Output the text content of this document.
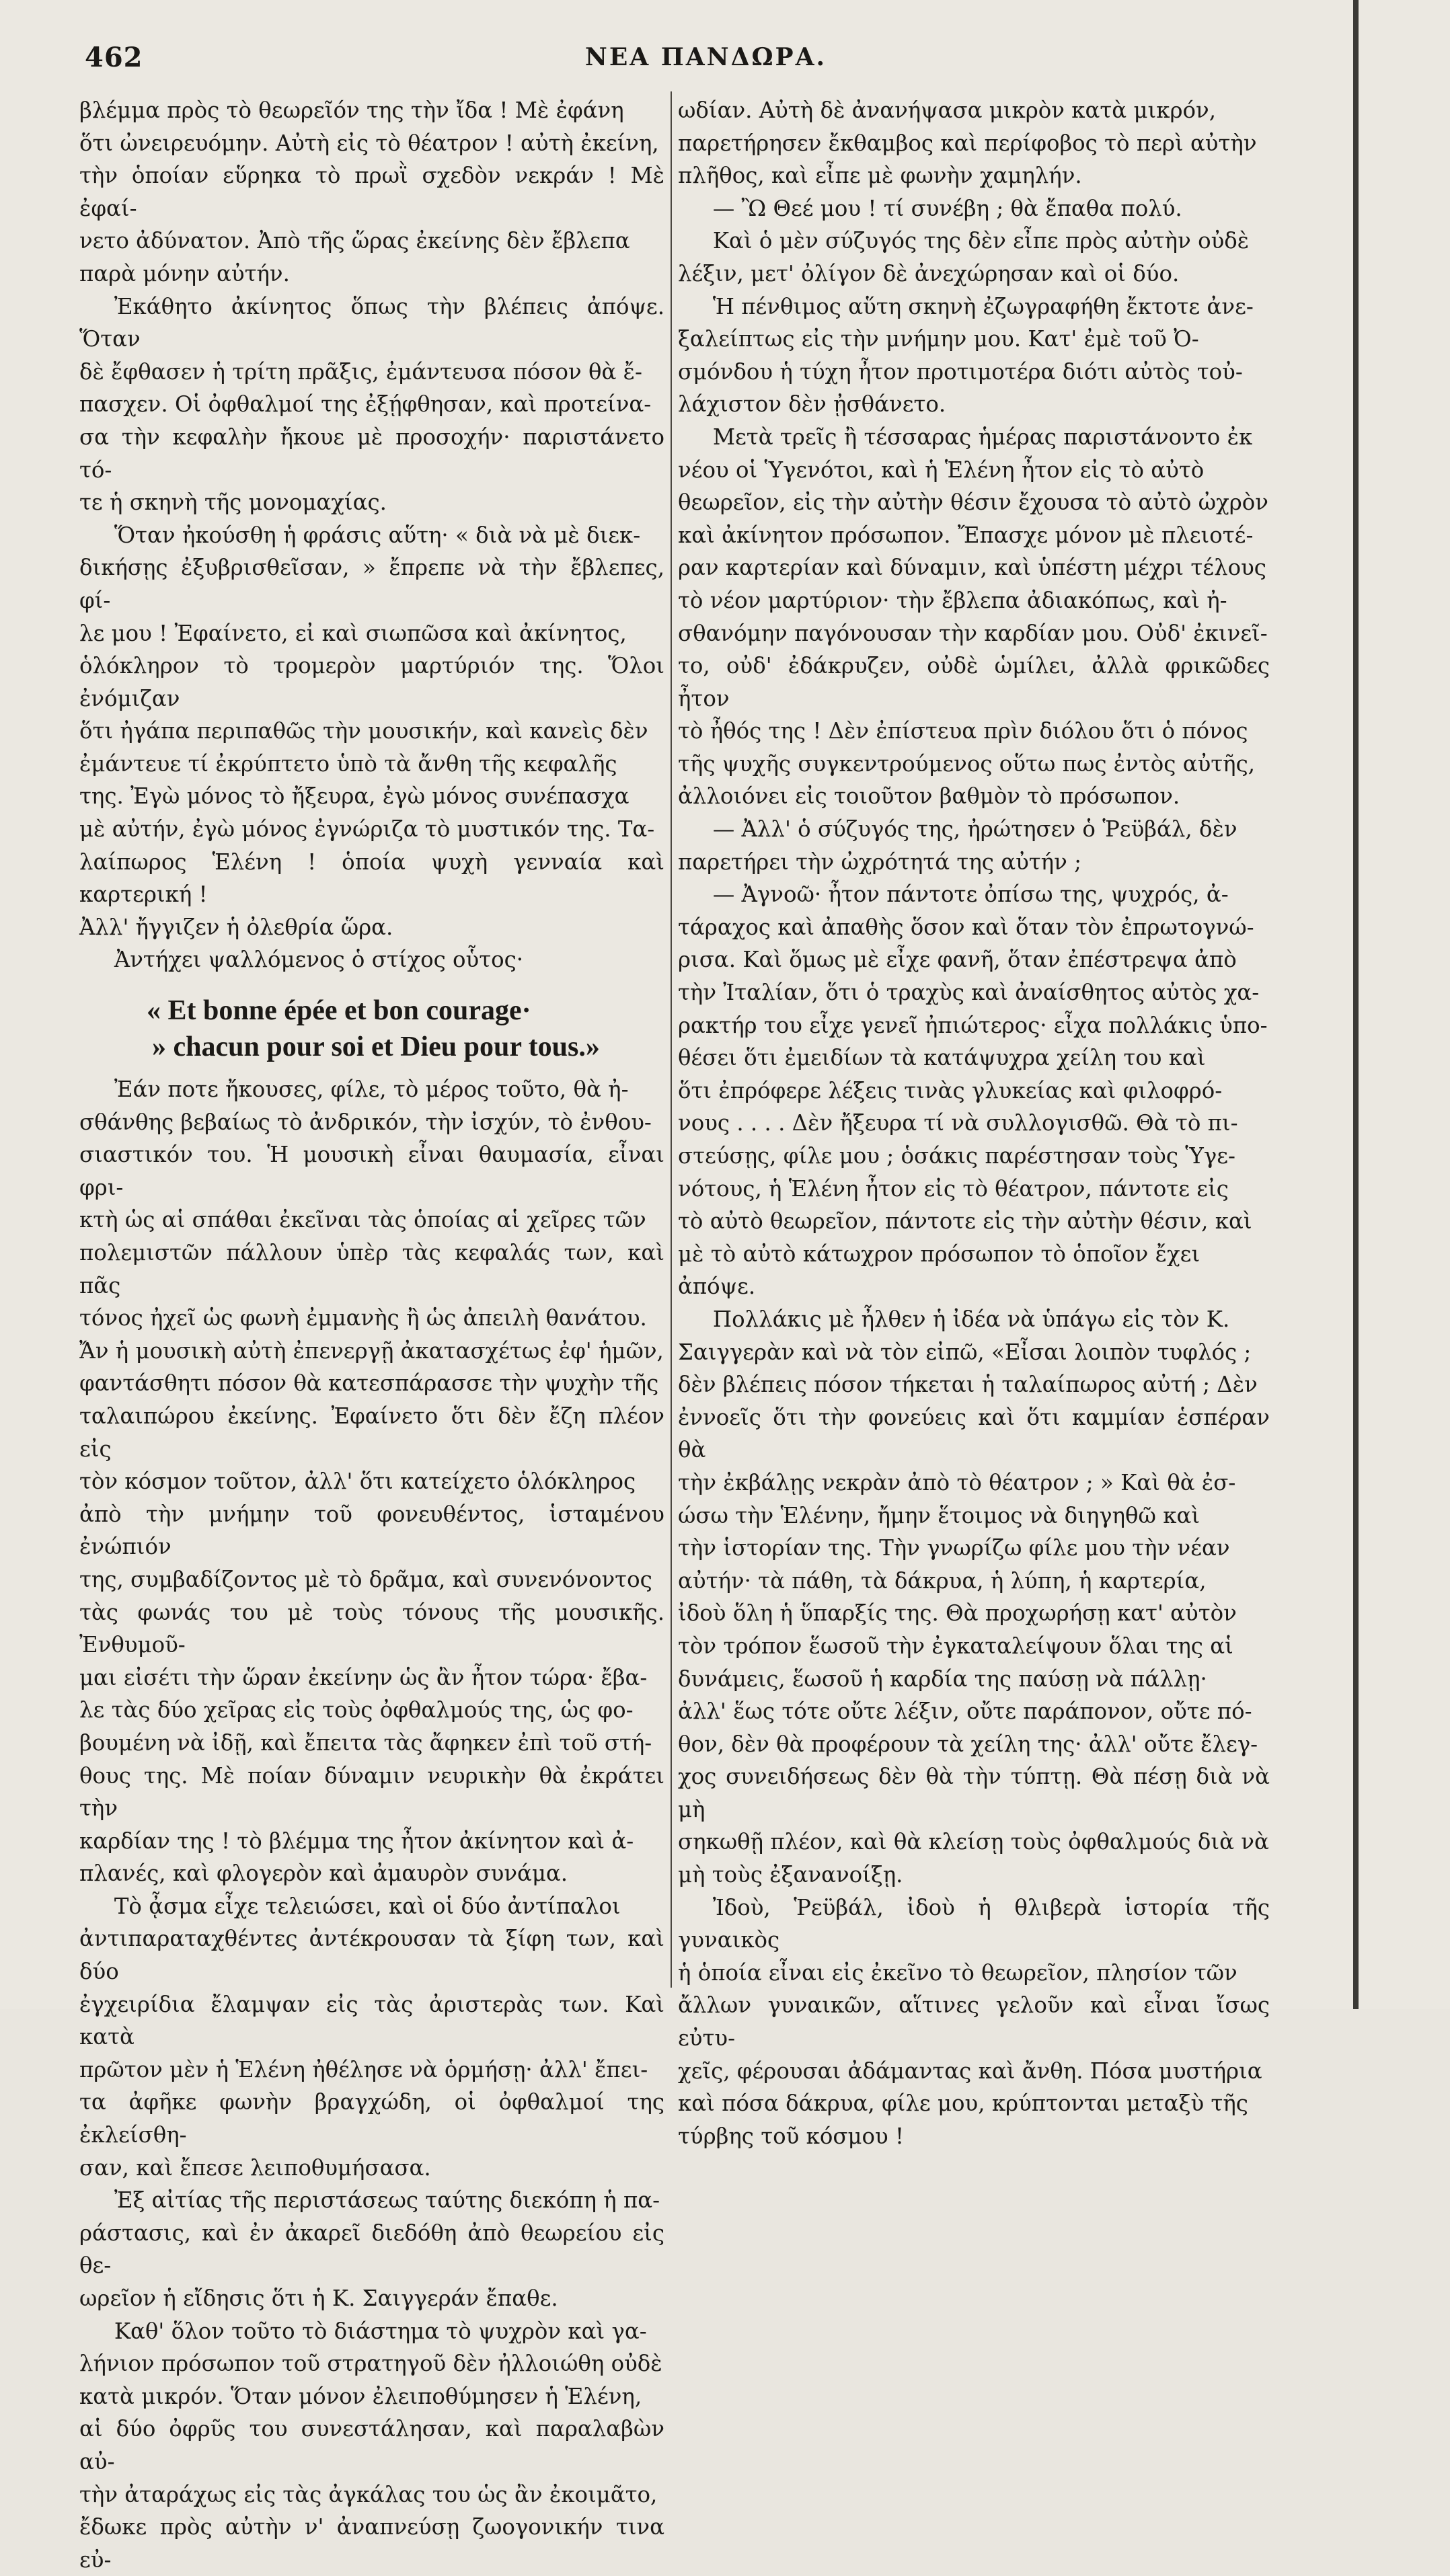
462	ΝΕΑ ΠΑΝΔΩΡΑ.

βλέμμα πρὸς τὸ θεωρεῖόν της τὴν ἴδα ! Μὲ ἐφάνη
ὅτι ὠνειρευόμην. Αὐτὴ εἰς τὸ θέατρον ! αὐτὴ ἐκείνη,
τὴν ὁποίαν εὕρηκα τὸ πρωῒ σχεδὸν νεκράν ! Μὲ ἐφαί-
νετο ἀδύνατον. Ἀπὸ τῆς ὥρας ἐκείνης δὲν ἔβλεπα
παρὰ μόνην αὐτήν.

Ἐκάθητο ἀκίνητος ὅπως τὴν βλέπεις ἀπόψε. Ὅταν
δὲ ἔφθασεν ἡ τρίτη πρᾶξις, ἐμάντευσα πόσον θὰ ἔ-
πασχεν. Οἱ ὀφθαλμοί της ἐξῄφθησαν, καὶ προτείνα-
σα τὴν κεφαλὴν ἤκουε μὲ προσοχήν· παριστάνετο τό-
τε ἡ σκηνὴ τῆς μονομαχίας.

Ὅταν ἠκούσθη ἡ φράσις αὕτη· « διὰ νὰ μὲ διεκ-
δικήσῃς ἐξυβρισθεῖσαν, » ἔπρεπε νὰ τὴν ἔβλεπες, φί-
λε μου ! Ἐφαίνετο, εἰ καὶ σιωπῶσα καὶ ἀκίνητος,
ὁλόκληρον τὸ τρομερὸν μαρτύριόν της. Ὅλοι ἐνόμιζαν
ὅτι ἠγάπα περιπαθῶς τὴν μουσικήν, καὶ κανεὶς δὲν
ἐμάντευε τί ἐκρύπτετο ὑπὸ τὰ ἄνθη τῆς κεφαλῆς
της. Ἐγὼ μόνος τὸ ἤξευρα, ἐγὼ μόνος συνέπασχα
μὲ αὐτήν, ἐγὼ μόνος ἐγνώριζα τὸ μυστικόν της. Τα-
λαίπωρος Ἑλένη ! ὁποία ψυχὴ γενναία καὶ καρτερική !
Ἀλλ' ἤγγιζεν ἡ ὀλεθρία ὥρα.

Ἀντήχει ψαλλόμενος ὁ στίχος οὗτος·

« Et bonne épée et bon courage·
» chacun pour soi et Dieu pour tous.»

Ἐάν ποτε ἤκουσες, φίλε, τὸ μέρος τοῦτο, θὰ ἠ-
σθάνθης βεβαίως τὸ ἀνδρικόν, τὴν ἰσχύν, τὸ ἐνθου-
σιαστικόν του. Ἡ μουσικὴ εἶναι θαυμασία, εἶναι φρι-
κτὴ ὡς αἱ σπάθαι ἐκεῖναι τὰς ὁποίας αἱ χεῖρες τῶν
πολεμιστῶν πάλλουν ὑπὲρ τὰς κεφαλάς των, καὶ πᾶς
τόνος ἠχεῖ ὡς φωνὴ ἐμμανὴς ἢ ὡς ἀπειλὴ θανάτου.
Ἄν ἡ μουσικὴ αὐτὴ ἐπενεργῇ ἀκατασχέτως ἐφ' ἡμῶν,
φαντάσθητι πόσον θὰ κατεσπάρασσε τὴν ψυχὴν τῆς
ταλαιπώρου ἐκείνης. Ἐφαίνετο ὅτι δὲν ἔζη πλέον εἰς
τὸν κόσμον τοῦτον, ἀλλ' ὅτι κατείχετο ὁλόκληρος
ἀπὸ τὴν μνήμην τοῦ φονευθέντος, ἱσταμένου ἐνώπιόν
της, συμβαδίζοντος μὲ τὸ δρᾶμα, καὶ συνενόνοντος
τὰς φωνάς του μὲ τοὺς τόνους τῆς μουσικῆς. Ἐνθυμοῦ-
μαι εἰσέτι τὴν ὥραν ἐκείνην ὡς ἂν ἦτον τώρα· ἔβα-
λε τὰς δύο χεῖρας εἰς τοὺς ὀφθαλμούς της, ὡς φο-
βουμένη νὰ ἰδῇ, καὶ ἔπειτα τὰς ἄφηκεν ἐπὶ τοῦ στή-
θους της. Μὲ ποίαν δύναμιν νευρικὴν θὰ ἐκράτει τὴν
καρδίαν της ! τὸ βλέμμα της ἦτον ἀκίνητον καὶ ἀ-
πλανές, καὶ φλογερὸν καὶ ἀμαυρὸν συνάμα.

Τὸ ᾆσμα εἶχε τελειώσει, καὶ οἱ δύο ἀντίπαλοι
ἀντιπαραταχθέντες ἀντέκρουσαν τὰ ξίφη των, καὶ δύο
ἐγχειρίδια ἔλαμψαν εἰς τὰς ἀριστερὰς των. Καὶ κατὰ
πρῶτον μὲν ἡ Ἑλένη ἠθέλησε νὰ ὁρμήσῃ· ἀλλ' ἔπει-
τα ἀφῆκε φωνὴν βραγχώδη, οἱ ὀφθαλμοί της ἐκλείσθη-
σαν, καὶ ἔπεσε λειποθυμήσασα.

Ἐξ αἰτίας τῆς περιστάσεως ταύτης διεκόπη ἡ πα-
ράστασις, καὶ ἐν ἀκαρεῖ διεδόθη ἀπὸ θεωρείου εἰς θε-
ωρεῖον ἡ εἴδησις ὅτι ἡ Κ. Σαιγγεράν ἔπαθε.

Καθ' ὅλον τοῦτο τὸ διάστημα τὸ ψυχρὸν καὶ γα-
λήνιον πρόσωπον τοῦ στρατηγοῦ δὲν ἠλλοιώθη οὐδὲ
κατὰ μικρόν. Ὅταν μόνον ἐλειποθύμησεν ἡ Ἑλένη,
αἱ δύο ὀφρῦς του συνεστάλησαν, καὶ παραλαβὼν αὐ-
τὴν ἀταράχως εἰς τὰς ἀγκάλας του ὡς ἂν ἐκοιμᾶτο,
ἔδωκε πρὸς αὐτὴν ν' ἀναπνεύσῃ ζωογονικήν τινα εὐ-

ωδίαν. Αὐτὴ δὲ ἀνανήψασα μικρὸν κατὰ μικρόν,
παρετήρησεν ἔκθαμβος καὶ περίφοβος τὸ περὶ αὐτὴν
πλῆθος, καὶ εἶπε μὲ φωνὴν χαμηλήν.

— Ὢ Θεέ μου ! τί συνέβη ; θὰ ἔπαθα πολύ.

Καὶ ὁ μὲν σύζυγός της δὲν εἶπε πρὸς αὐτὴν οὐδὲ
λέξιν, μετ' ὀλίγον δὲ ἀνεχώρησαν καὶ οἱ δύο.

Ἡ πένθιμος αὕτη σκηνὴ ἐζωγραφήθη ἔκτοτε ἀνε-
ξαλείπτως εἰς τὴν μνήμην μου. Κατ' ἐμὲ τοῦ Ὀ-
σμόνδου ἡ τύχη ἦτον προτιμοτέρα διότι αὐτὸς τοὐ-
λάχιστον δὲν ᾐσθάνετο.

Μετὰ τρεῖς ἢ τέσσαρας ἡμέρας παριστάνοντο ἐκ
νέου οἱ Ὑγενότοι, καὶ ἡ Ἑλένη ἦτον εἰς τὸ αὐτὸ
θεωρεῖον, εἰς τὴν αὐτὴν θέσιν ἔχουσα τὸ αὐτὸ ὠχρὸν
καὶ ἀκίνητον πρόσωπον. Ἔπασχε μόνον μὲ πλειοτέ-
ραν καρτερίαν καὶ δύναμιν, καὶ ὑπέστη μέχρι τέλους
τὸ νέον μαρτύριον· τὴν ἔβλεπα ἀδιακόπως, καὶ ἠ-
σθανόμην παγόνουσαν τὴν καρδίαν μου. Οὐδ' ἐκινεῖ-
το, οὐδ' ἐδάκρυζεν, οὐδὲ ὡμίλει, ἀλλὰ φρικῶδες ἦτον
τὸ ἦθός της ! Δὲν ἐπίστευα πρὶν διόλου ὅτι ὁ πόνος
τῆς ψυχῆς συγκεντρούμενος οὕτω πως ἐντὸς αὐτῆς,
ἀλλοιόνει εἰς τοιοῦτον βαθμὸν τὸ πρόσωπον.

— Ἀλλ' ὁ σύζυγός της, ἠρώτησεν ὁ Ῥεϋβάλ, δὲν
παρετήρει τὴν ὠχρότητά της αὐτήν ;

— Ἀγνοῶ· ἦτον πάντοτε ὀπίσω της, ψυχρός, ἀ-
τάραχος καὶ ἀπαθὴς ὅσον καὶ ὅταν τὸν ἐπρωτογνώ-
ρισα. Καὶ ὅμως μὲ εἶχε φανῆ, ὅταν ἐπέστρεψα ἀπὸ
τὴν Ἰταλίαν, ὅτι ὁ τραχὺς καὶ ἀναίσθητος αὐτὸς χα-
ρακτήρ του εἶχε γενεῖ ἠπιώτερος· εἶχα πολλάκις ὑπο-
θέσει ὅτι ἐμειδίων τὰ κατάψυχρα χείλη του καὶ
ὅτι ἐπρόφερε λέξεις τινὰς γλυκείας καὶ φιλοφρό-
νους . . . . Δὲν ἤξευρα τί νὰ συλλογισθῶ. Θὰ τὸ πι-
στεύσῃς, φίλε μου ; ὁσάκις παρέστησαν τοὺς Ὑγε-
νότους, ἡ Ἑλένη ἦτον εἰς τὸ θέατρον, πάντοτε εἰς
τὸ αὐτὸ θεωρεῖον, πάντοτε εἰς τὴν αὐτὴν θέσιν, καὶ
μὲ τὸ αὐτὸ κάτωχρον πρόσωπον τὸ ὁποῖον ἔχει
ἀπόψε.

Πολλάκις μὲ ἦλθεν ἡ ἰδέα νὰ ὑπάγω εἰς τὸν Κ.
Σαιγγερὰν καὶ νὰ τὸν εἰπῶ, «Εἶσαι λοιπὸν τυφλός ;
δὲν βλέπεις πόσον τήκεται ἡ ταλαίπωρος αὐτή ; Δὲν
ἐννοεῖς ὅτι τὴν φονεύεις καὶ ὅτι καμμίαν ἑσπέραν θὰ
τὴν ἐκβάλῃς νεκρὰν ἀπὸ τὸ θέατρον ; » Καὶ θὰ ἐσ-
ώσω τὴν Ἑλένην, ἤμην ἕτοιμος νὰ διηγηθῶ καὶ
τὴν ἱστορίαν της. Τὴν γνωρίζω φίλε μου τὴν νέαν
αὐτήν· τὰ πάθη, τὰ δάκρυα, ἡ λύπη, ἡ καρτερία,
ἰδοὺ ὅλη ἡ ὕπαρξίς της. Θὰ προχωρήσῃ κατ' αὐτὸν
τὸν τρόπον ἕωσοῦ τὴν ἐγκαταλείψουν ὅλαι της αἱ
δυνάμεις, ἕωσοῦ ἡ καρδία της παύσῃ νὰ πάλλῃ·
ἀλλ' ἕως τότε οὔτε λέξιν, οὔτε παράπονον, οὔτε πό-
θον, δὲν θὰ προφέρουν τὰ χείλη της· ἀλλ' οὔτε ἔλεγ-
χος συνειδήσεως δὲν θὰ τὴν τύπτῃ. Θὰ πέσῃ διὰ νὰ μὴ
σηκωθῇ πλέον, καὶ θὰ κλείσῃ τοὺς ὀφθαλμούς διὰ νὰ
μὴ τοὺς ἐξανανοίξῃ.

Ἰδοὺ, Ῥεϋβάλ, ἰδοὺ ἡ θλιβερὰ ἱστορία τῆς γυναικὸς
ἡ ὁποία εἶναι εἰς ἐκεῖνο τὸ θεωρεῖον, πλησίον τῶν
ἄλλων γυναικῶν, αἵτινες γελοῦν καὶ εἶναι ἴσως εὐτυ-
χεῖς, φέρουσαι ἀδάμαντας καὶ ἄνθη. Πόσα μυστήρια
καὶ πόσα δάκρυα, φίλε μου, κρύπτονται μεταξὺ τῆς
τύρβης τοῦ κόσμου !
